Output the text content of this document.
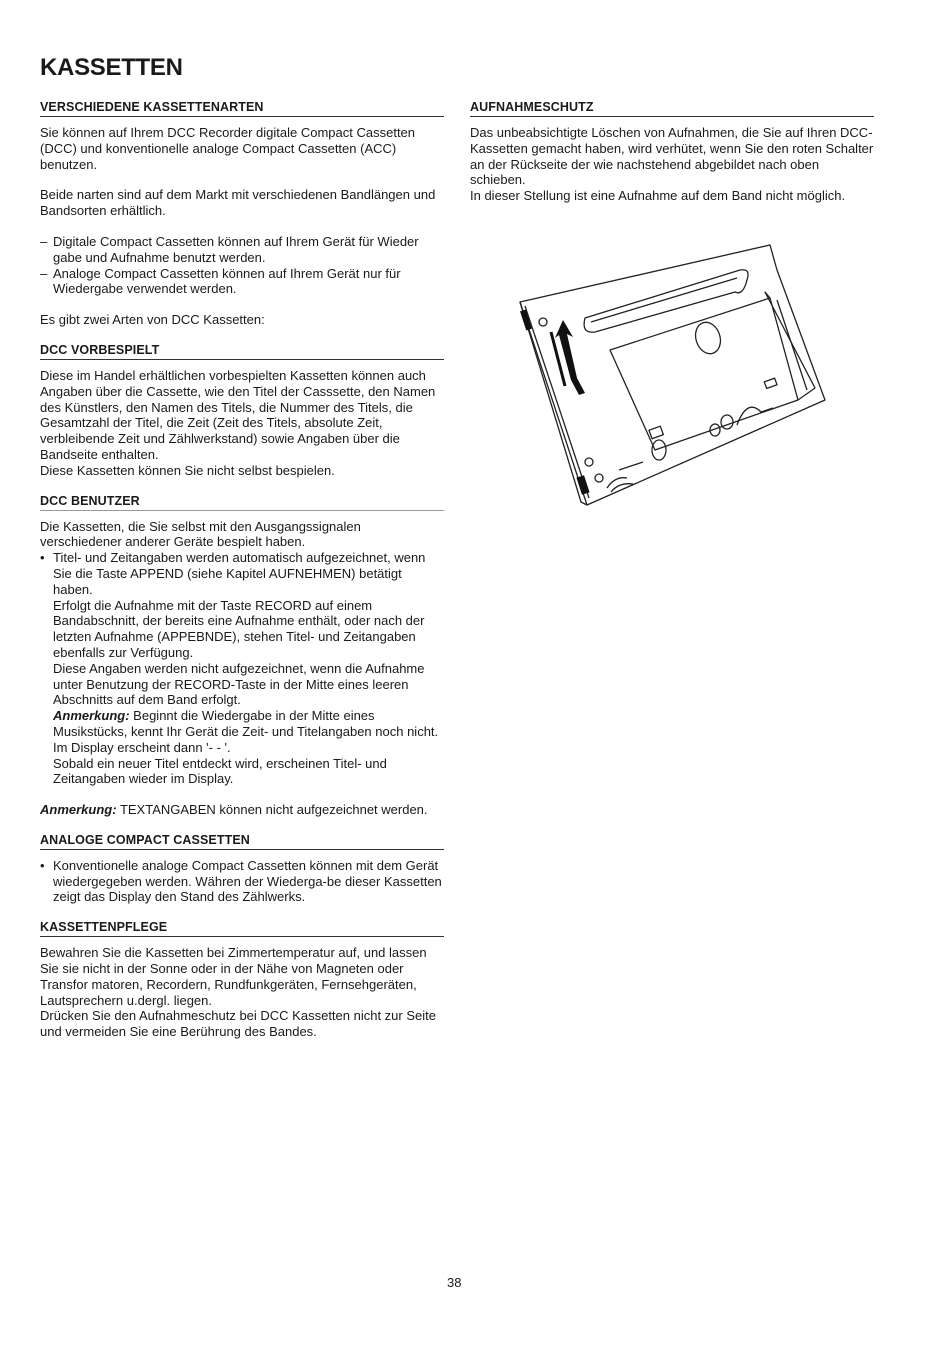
KASSETTEN
VERSCHIEDENE KASSETTENARTEN

Sie können auf Ihrem DCC Recorder digitale Compact Cassetten (DCC) und konventionelle analoge Compact Cassetten (ACC) benutzen.

Beide narten sind auf dem Markt mit verschiedenen Bandlängen und Bandsorten erhältlich.

– Digitale Compact Cassetten können auf Ihrem Gerät für Wieder gabe und Aufnahme benutzt werden.
– Analoge Compact Cassetten können auf Ihrem Gerät nur für Wiedergabe verwendet werden.

Es gibt zwei Arten von DCC Kassetten:

DCC VORBESPIELT

Diese im Handel erhältlichen vorbespielten Kassetten können auch Angaben über die Cassette, wie den Titel der Casssette, den Namen des Künstlers, den Namen des Titels, die Nummer des Titels, die Gesamtzahl der Titel, die Zeit (Zeit des Titels, absolute Zeit, verbleibende Zeit und Zählwerkstand) sowie Angaben über die Bandseite enthalten.

Diese Kassetten können Sie nicht selbst bespielen.

DCC BENUTZER

Die Kassetten, die Sie selbst mit den Ausgangssignalen verschiedener anderer Geräte bespielt haben.

• Titel- und Zeitangaben werden automatisch aufgezeichnet, wenn Sie die Taste APPEND (siehe Kapitel AUFNEHMEN) betätigt haben.
Erfolgt die Aufnahme mit der Taste RECORD auf einem Bandabschnitt, der bereits eine Aufnahme enthält, oder nach der letzten Aufnahme (APPEBNDE), stehen Titel- und Zeitangaben ebenfalls zur Verfügung.
Diese Angaben werden nicht aufgezeichnet, wenn die Aufnahme unter Benutzung der RECORD-Taste in der Mitte eines leeren Abschnitts auf dem Band erfolgt.
Anmerkung: Beginnt die Wiedergabe in der Mitte eines Musikstücks, kennt Ihr Gerät die Zeit- und Titelangaben noch nicht. Im Display erscheint dann '- - '.
Sobald ein neuer Titel entdeckt wird, erscheinen Titel- und Zeitangaben wieder im Display.

Anmerkung: TEXTANGABEN können nicht aufgezeichnet werden.

ANALOGE COMPACT CASSETTEN
• Konventionelle analoge Compact Cassetten können mit dem Gerät wiedergegeben werden. Währen der Wiederga-be dieser Kassetten zeigt das Display den Stand des Zählwerks.
KASSETTENPFLEGE

Bewahren Sie die Kassetten bei Zimmertemperatur auf, und lassen Sie sie nicht in der Sonne oder in der Nähe von Magneten oder Transfor matoren, Recordern, Rundfunkgeräten, Fernsehgeräten, Lautsprechern u.dergl. liegen.

Drücken Sie den Aufnahmeschutz bei DCC Kassetten nicht zur Seite und vermeiden Sie eine Berührung des Bandes.

AUFNAHMESCHUTZ

Das unbeabsichtigte Löschen von Aufnahmen, die Sie auf Ihren DCC-Kassetten gemacht haben, wird verhütet, wenn Sie den roten Schalter an der Rückseite der wie nachstehend abgebildet nach oben schieben.

In dieser Stellung ist eine Aufnahme auf dem Band nicht möglich.

38
